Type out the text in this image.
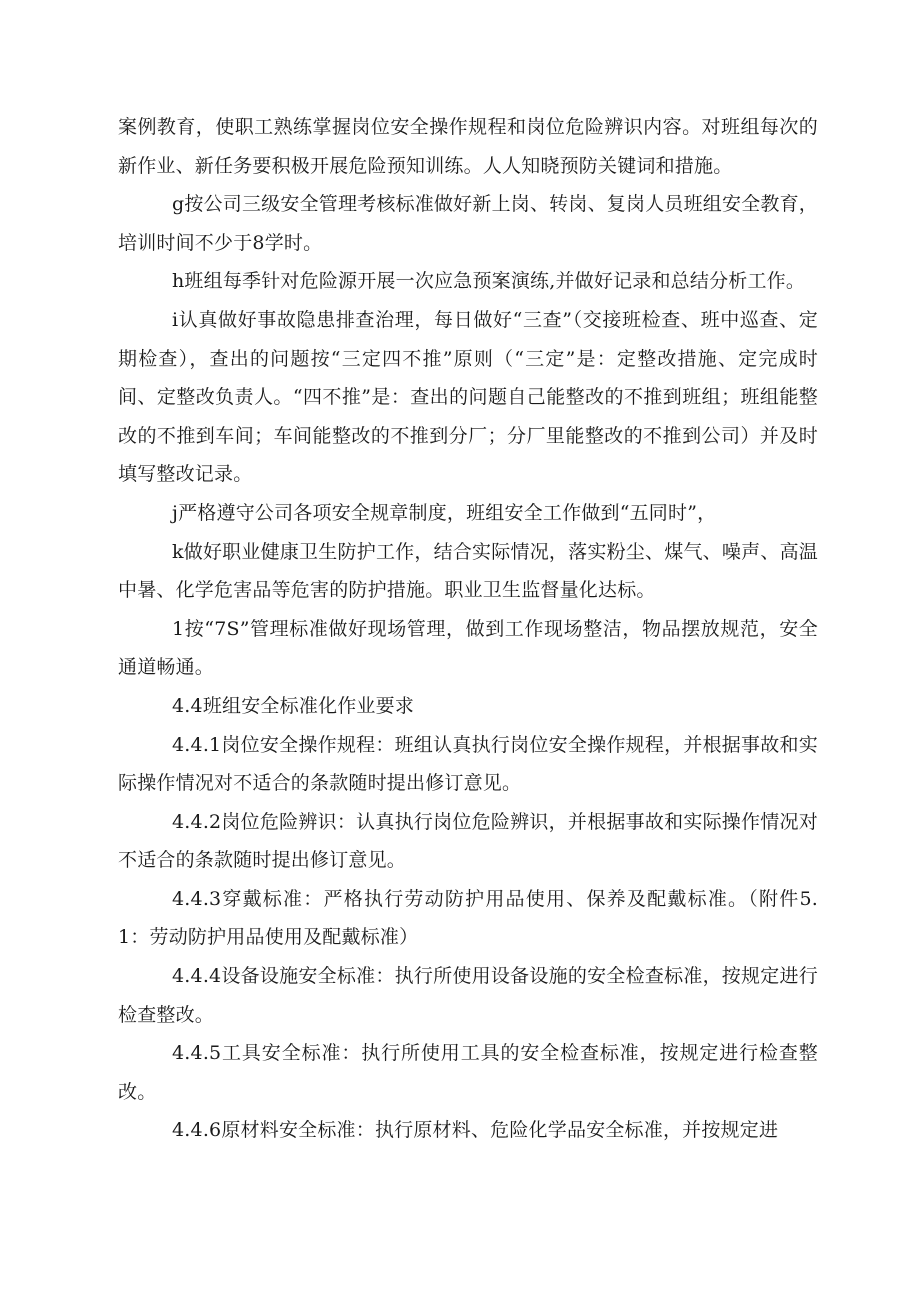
案例教育，使职工熟练掌握岗位安全操作规程和岗位危险辨识内容。对班组每次的新作业、新任务要积极开展危险预知训练。人人知晓预防关键词和措施。

g按公司三级安全管理考核标准做好新上岗、转岗、复岗人员班组安全教育，培训时间不少于8学时。

h班组每季针对危险源开展一次应急预案演练,并做好记录和总结分析工作。

i认真做好事故隐患排查治理，每日做好“三查”（交接班检查、班中巡查、定期检查），查出的问题按“三定四不推”原则（“三定”是：定整改措施、定完成时间、定整改负责人。“四不推”是：查出的问题自己能整改的不推到班组；班组能整改的不推到车间；车间能整改的不推到分厂；分厂里能整改的不推到公司）并及时填写整改记录。

j严格遵守公司各项安全规章制度，班组安全工作做到“五同时”，

k做好职业健康卫生防护工作，结合实际情况，落实粉尘、煤气、噪声、高温中暑、化学危害品等危害的防护措施。职业卫生监督量化达标。

1按“7S”管理标准做好现场管理，做到工作现场整洁，物品摆放规范，安全通道畅通。

4.4班组安全标准化作业要求

4.4.1岗位安全操作规程：班组认真执行岗位安全操作规程，并根据事故和实际操作情况对不适合的条款随时提出修订意见。

4.4.2岗位危险辨识：认真执行岗位危险辨识，并根据事故和实际操作情况对不适合的条款随时提出修订意见。

4.4.3穿戴标准：严格执行劳动防护用品使用、保养及配戴标准。（附件5.1：劳动防护用品使用及配戴标准）

4.4.4设备设施安全标准：执行所使用设备设施的安全检查标准，按规定进行检查整改。

4.4.5工具安全标准：执行所使用工具的安全检查标准，按规定进行检查整改。

4.4.6原材料安全标准：执行原材料、危险化学品安全标准，并按规定进
